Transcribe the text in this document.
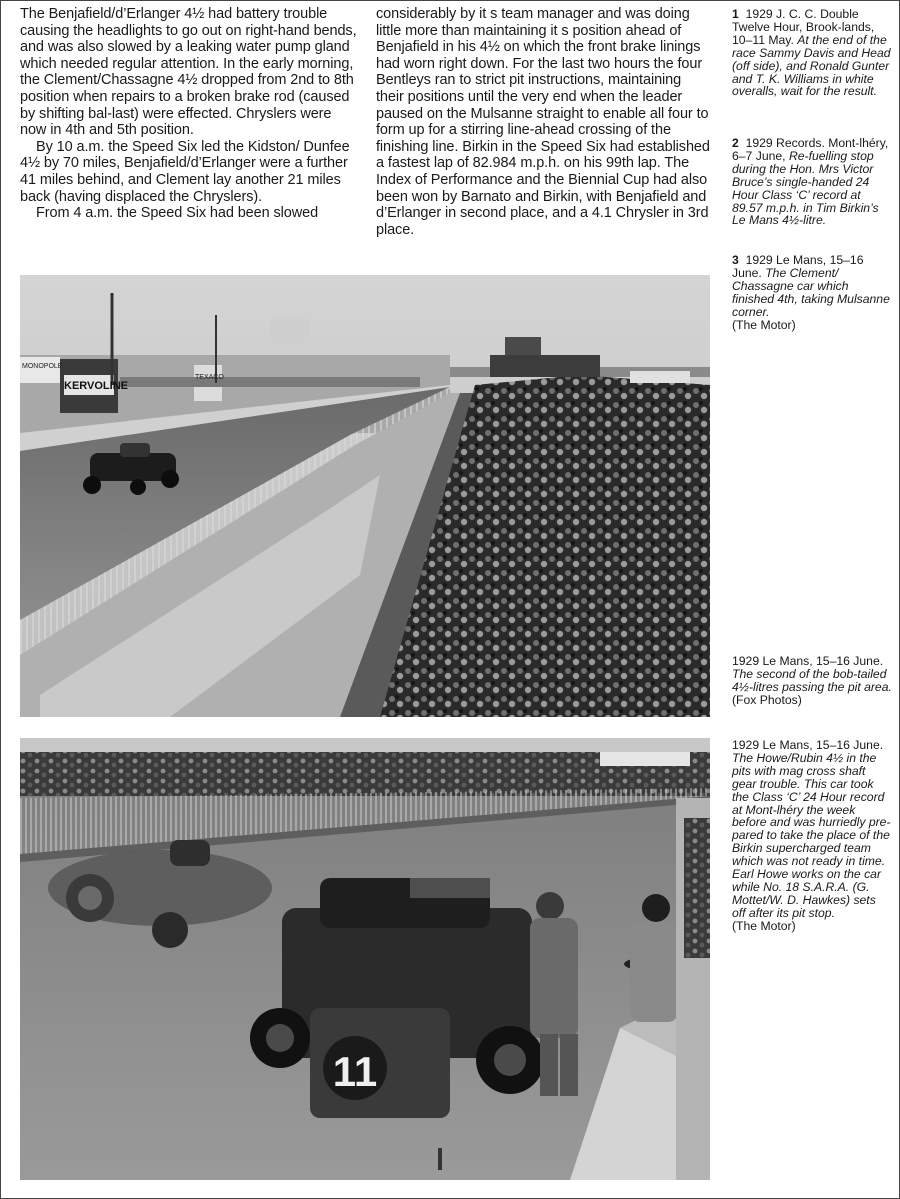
The Benjafield/d’Erlanger 4½ had battery trouble causing the headlights to go out on right-hand bends, and was also slowed by a leaking water pump gland which needed regular attention. In the early morning, the Clement/Chassagne 4½ dropped from 2nd to 8th position when repairs to a broken brake rod (caused by shifting bal-last) were effected. Chryslers were now in 4th and 5th position.

By 10 a.m. the Speed Six led the Kidston/ Dunfee 4½ by 70 miles, Benjafield/d’Erlanger were a further 41 miles behind, and Clement lay another 21 miles back (having displaced the Chryslers).

From 4 a.m. the Speed Six had been slowed

considerably by it s team manager and was doing little more than maintaining it s position ahead of Benjafield in his 4½ on which the front brake linings had worn right down. For the last two hours the four Bentleys ran to strict pit instructions, maintaining their positions until the very end when the leader paused on the Mulsanne straight to enable all four to form up for a stirring line-ahead crossing of the finishing line. Birkin in the Speed Six had established a fastest lap of 82.984 m.p.h. on his 99th lap. The Index of Performance and the Biennial Cup had also been won by Barnato and Birkin, with Benjafield and d’Erlanger in second place, and a 4.1 Chrysler in 3rd place.

1 1929 J. C. C. Double Twelve Hour, Brook-lands, 10–11 May. At the end of the race Sammy Davis and Head (off side), and Ronald Gunter and T. K. Williams in white overalls, wait for the result.

2 1929 Records. Mont-lhéry, 6–7 June, Re-fuelling stop during the Hon. Mrs Victor Bruce’s single-handed 24 Hour Class ‘C’ record at 89.57 m.p.h. in Tim Birkin’s Le Mans 4½-litre.

3 1929 Le Mans, 15–16 June. The Clement/ Chassagne car which finished 4th, taking Mulsanne corner.

(The Motor)

1929 Le Mans, 15–16 June. The second of the bob-tailed 4½-litres passing the pit area.

(Fox Photos)

1929 Le Mans, 15–16 June. The Howe/Rubin 4½ in the pits with mag cross shaft gear trouble. This car took the Class ‘C’ 24 Hour record at Mont-lhéry the week before and was hurriedly pre-pared to take the place of the Birkin supercharged team which was not ready in time. Earl Howe works on the car while No. 18 S.A.R.A. (G. Mottet/W. D. Hawkes) sets off after its pit stop.

(The Motor)

MONOPOLE
KERVOLINE
TEXACO
11
